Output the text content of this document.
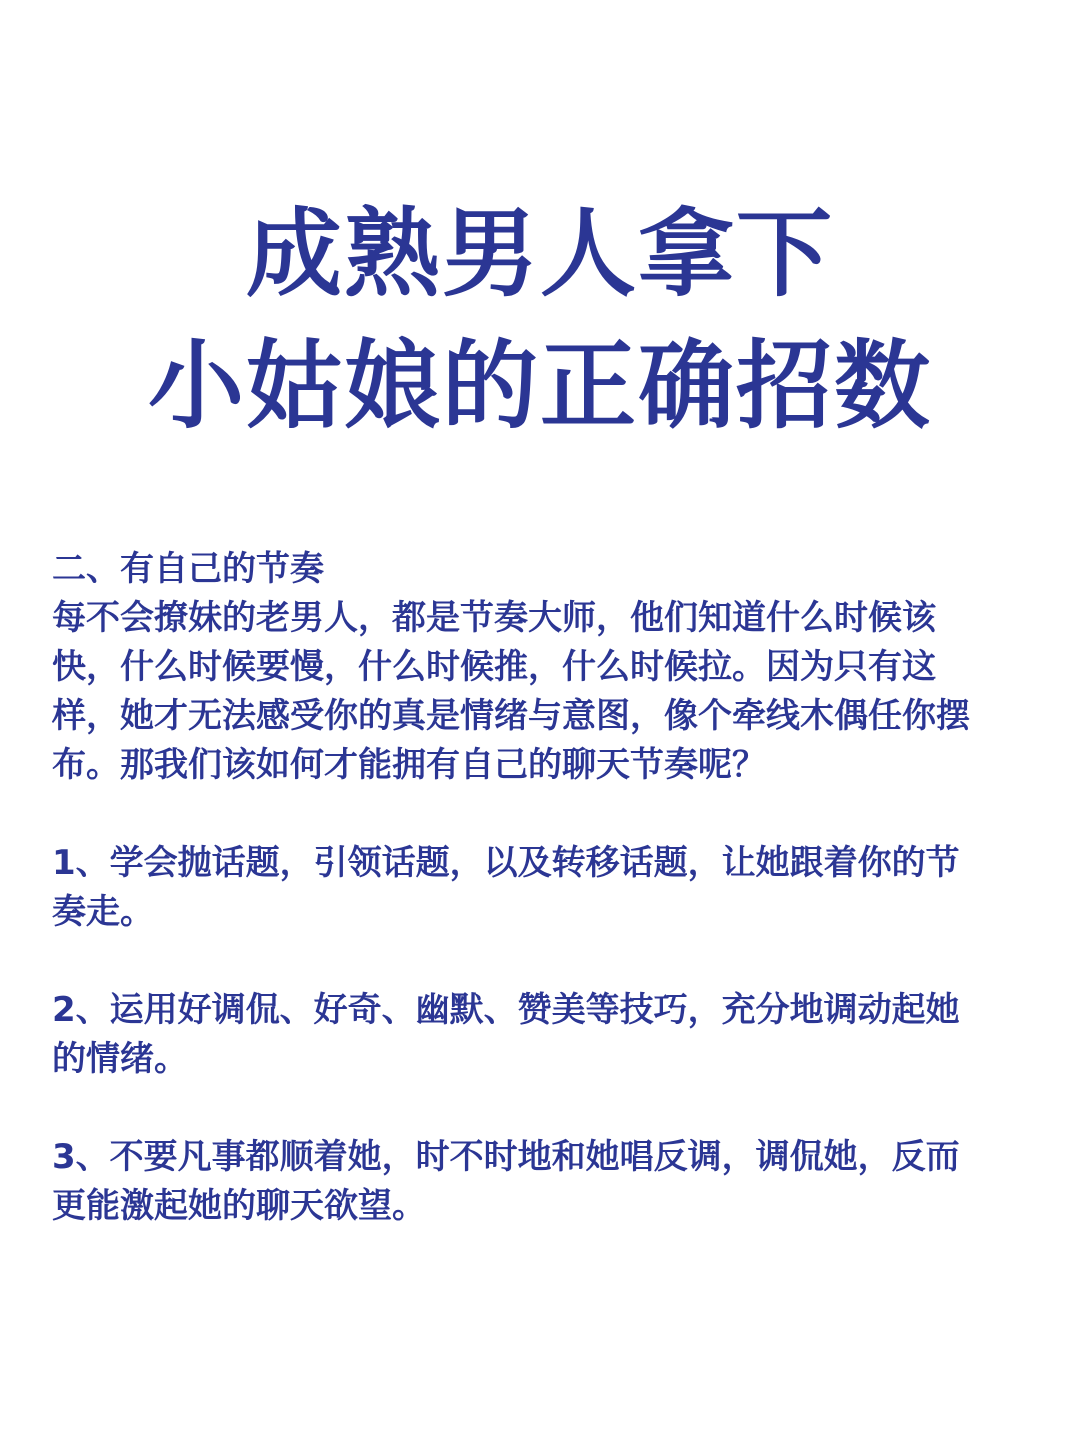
成熟男人拿下
小姑娘的正确招数
二、有自己的节奏
每不会撩妹的老男人，都是节奏大师，他们知道什么时候该
快，什么时候要慢，什么时候推，什么时候拉。因为只有这
样，她才无法感受你的真是情绪与意图，像个牵线木偶任你摆
布。那我们该如何才能拥有自己的聊天节奏呢？
1、学会抛话题，引领话题，以及转移话题，让她跟着你的节
奏走。
2、运用好调侃、好奇、幽默、赞美等技巧，充分地调动起她
的情绪。
3、不要凡事都顺着她，时不时地和她唱反调，调侃她，反而
更能激起她的聊天欲望。
